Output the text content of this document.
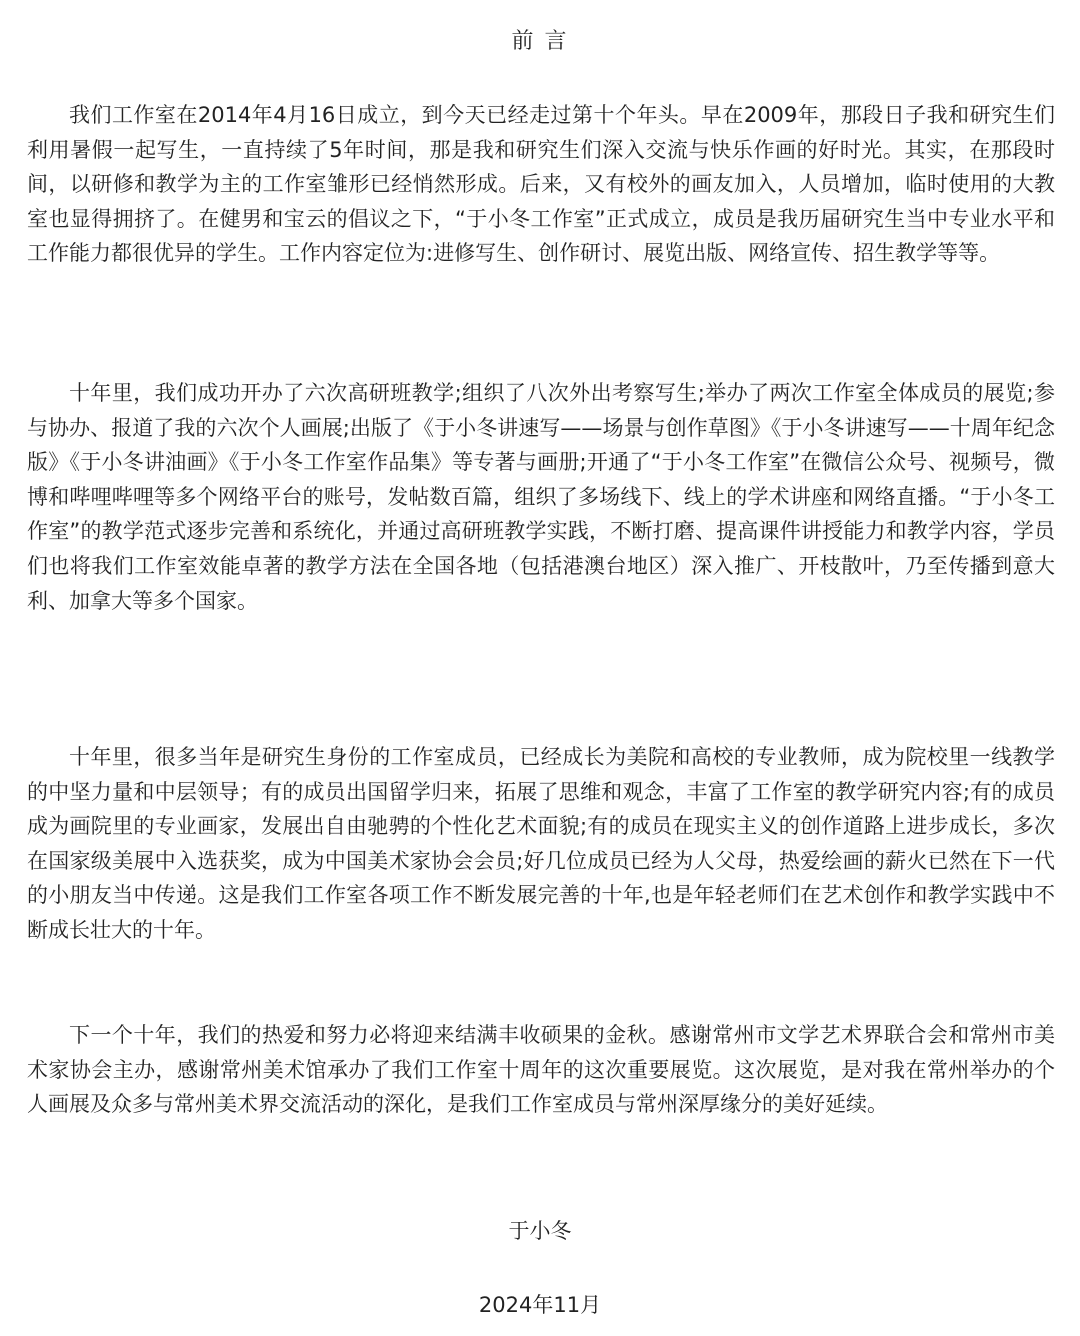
前 言

我们工作室在2014年4月16日成立，到今天已经走过第十个年头。早在2009年，那段日子我和研究生们利用暑假一起写生，一直持续了5年时间，那是我和研究生们深入交流与快乐作画的好时光。其实，在那段时间，以研修和教学为主的工作室雏形已经悄然形成。后来，又有校外的画友加入，人员增加，临时使用的大教室也显得拥挤了。在健男和宝云的倡议之下，“于小冬工作室”正式成立，成员是我历届研究生当中专业水平和工作能力都很优异的学生。工作内容定位为:进修写生、创作研讨、展览出版、网络宣传、招生教学等等。

十年里，我们成功开办了六次高研班教学;组织了八次外出考察写生;举办了两次工作室全体成员的展览;参与协办、报道了我的六次个人画展;出版了《于小冬讲速写——场景与创作草图》《于小冬讲速写——十周年纪念版》《于小冬讲油画》《于小冬工作室作品集》等专著与画册;开通了“于小冬工作室”在微信公众号、视频号，微博和哔哩哔哩等多个网络平台的账号，发帖数百篇，组织了多场线下、线上的学术讲座和网络直播。“于小冬工作室”的教学范式逐步完善和系统化，并通过高研班教学实践，不断打磨、提高课件讲授能力和教学内容，学员们也将我们工作室效能卓著的教学方法在全国各地（包括港澳台地区）深入推广、开枝散叶，乃至传播到意大利、加拿大等多个国家。

十年里，很多当年是研究生身份的工作室成员，已经成长为美院和高校的专业教师，成为院校里一线教学的中坚力量和中层领导；有的成员出国留学归来，拓展了思维和观念，丰富了工作室的教学研究内容;有的成员成为画院里的专业画家，发展出自由驰骋的个性化艺术面貌;有的成员在现实主义的创作道路上进步成长，多次在国家级美展中入选获奖，成为中国美术家协会会员;好几位成员已经为人父母，热爱绘画的薪火已然在下一代的小朋友当中传递。这是我们工作室各项工作不断发展完善的十年,也是年轻老师们在艺术创作和教学实践中不断成长壮大的十年。

下一个十年，我们的热爱和努力必将迎来结满丰收硕果的金秋。感谢常州市文学艺术界联合会和常州市美术家协会主办，感谢常州美术馆承办了我们工作室十周年的这次重要展览。这次展览，是对我在常州举办的个人画展及众多与常州美术界交流活动的深化，是我们工作室成员与常州深厚缘分的美好延续。

于小冬
2024年11月
